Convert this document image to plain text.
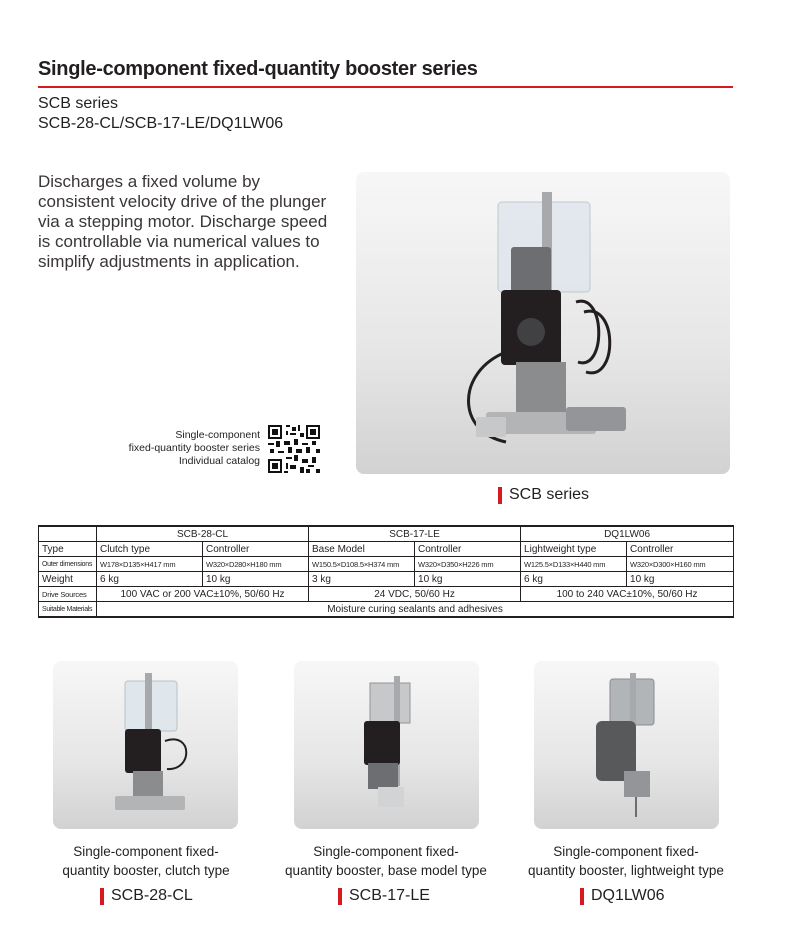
Single-component fixed-quantity booster series
SCB series
SCB-28-CL/SCB-17-LE/DQ1LW06
Discharges a fixed volume by consistent velocity drive of the plunger via a stepping motor. Discharge speed is controllable via numerical values to simplify adjustments in application.
Single-component
fixed-quantity booster series
Individual catalog
SCB series
	SCB-28-CL		SCB-17-LE		DQ1LW06	
Type	Clutch type	Controller	Base Model	Controller	Lightweight type	Controller
Outer dimensions	W178×D135×H417 mm	W320×D280×H180 mm	W150.5×D108.5×H374 mm	W320×D350×H226 mm	W125.5×D133×H440 mm	W320×D300×H160 mm
Weight	6 kg	10 kg	3 kg	10 kg	6 kg	10 kg
Drive Sources	100 VAC or 200 VAC±10%, 50/60 Hz		24 VDC, 50/60 Hz		100 to 240 VAC±10%, 50/60 Hz	
Suitable Materials	Moisture curing sealants and adhesives					
Single-component fixed-
quantity booster, clutch type
Single-component fixed-
quantity booster, base model type
Single-component fixed-
quantity booster, lightweight type
SCB-28-CL	SCB-17-LE	DQ1LW06
